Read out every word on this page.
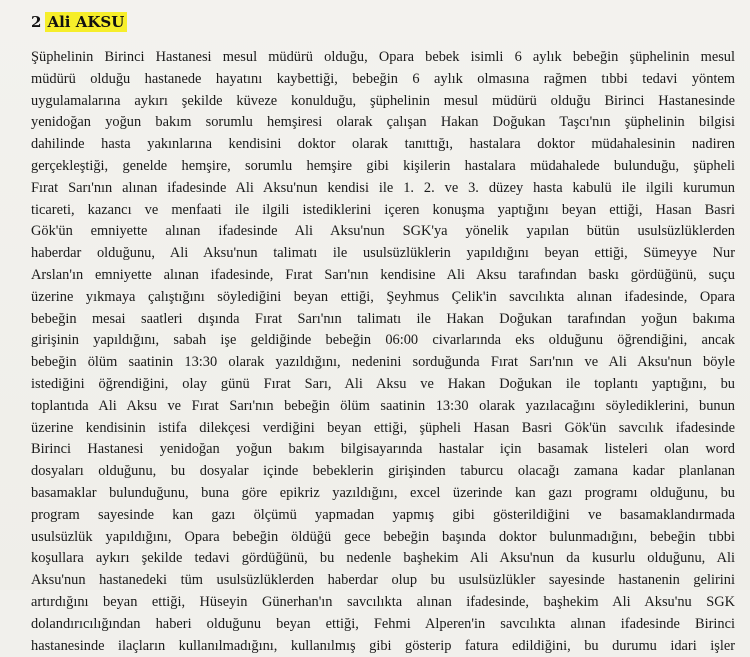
2 Ali AKSU
Şüphelinin Birinci Hastanesi mesul müdürü olduğu, Opara bebek isimli 6 aylık bebeğin şüphelinin mesul
müdürü olduğu hastanede hayatını kaybettiği, bebeğin 6 aylık olmasına rağmen tıbbi tedavi yöntem
uygulamalarına aykırı şekilde küveze konulduğu, şüphelinin mesul müdürü olduğu Birinci Hastanesinde
yenidoğan yoğun bakım sorumlu hemşiresi olarak çalışan Hakan Doğukan Taşcı'nın şüphelinin bilgisi
dahilinde hasta yakınlarına kendisini doktor olarak tanıttığı, hastalara doktor müdahalesinin nadiren
gerçekleştiği, genelde hemşire, sorumlu hemşire gibi kişilerin hastalara müdahalede bulunduğu, şüpheli
Fırat Sarı'nın alınan ifadesinde Ali Aksu'nun kendisi ile 1. 2. ve 3. düzey hasta kabulü ile ilgili kurumun
ticareti, kazancı ve menfaati ile ilgili istediklerini içeren konuşma yaptığını beyan ettiği, Hasan Basri
Gök'ün emniyette alınan ifadesinde Ali Aksu'nun SGK'ya yönelik yapılan bütün usulsüzlüklerden
haberdar olduğunu, Ali Aksu'nun talimatı ile usulsüzlüklerin yapıldığını beyan ettiği, Sümeyye Nur
Arslan'ın emniyette alınan ifadesinde, Fırat Sarı'nın kendisine Ali Aksu tarafından baskı gördüğünü, suçu
üzerine yıkmaya çalıştığını söylediğini beyan ettiği, Şeyhmus Çelik'in savcılıkta alınan ifadesinde, Opara
bebeğin mesai saatleri dışında Fırat Sarı'nın talimatı ile Hakan Doğukan tarafından yoğun bakıma
girişinin yapıldığını, sabah işe geldiğinde bebeğin 06:00 civarlarında eks olduğunu öğrendiğini, ancak
bebeğin ölüm saatinin 13:30 olarak yazıldığını, nedenini sorduğunda Fırat Sarı'nın ve Ali Aksu'nun böyle
istediğini öğrendiğini, olay günü Fırat Sarı, Ali Aksu ve Hakan Doğukan ile toplantı yaptığını, bu
toplantıda Ali Aksu ve Fırat Sarı'nın bebeğin ölüm saatinin 13:30 olarak yazılacağını söylediklerini, bunun
üzerine kendisinin istifa dilekçesi verdiğini beyan ettiği, şüpheli Hasan Basri Gök'ün savcılık ifadesinde
Birinci Hastanesi yenidoğan yoğun bakım bilgisayarında hastalar için basamak listeleri olan word
dosyaları olduğunu, bu dosyalar içinde bebeklerin girişinden taburcu olacağı zamana kadar planlanan
basamaklar bulunduğunu, buna göre epikriz yazıldığını, excel üzerinde kan gazı programı olduğunu, bu
program sayesinde kan gazı ölçümü yapmadan yapmış gibi gösterildiğini ve basamaklandırmada
usulsüzlük yapıldığını, Opara bebeğin öldüğü gece bebeğin başında doktor bulunmadığını, bebeğin tıbbi
koşullara aykırı şekilde tedavi gördüğünü, bu nedenle başhekim Ali Aksu'nun da kusurlu olduğunu, Ali
Aksu'nun hastanedeki tüm usulsüzlüklerden haberdar olup bu usulsüzlükler sayesinde hastanenin gelirini
artırdığını beyan ettiği, Hüseyin Günerhan'ın savcılıkta alınan ifadesinde, başhekim Ali Aksu'nu SGK
dolandırıcılığından haberi olduğunu beyan ettiği, Fehmi Alperen'in savcılıkta alınan ifadesinde Birinci
hastanesinde ilaçların kullanılmadığını, kullanılmış gibi gösterip fatura edildiğini, bu durumu idari işler
